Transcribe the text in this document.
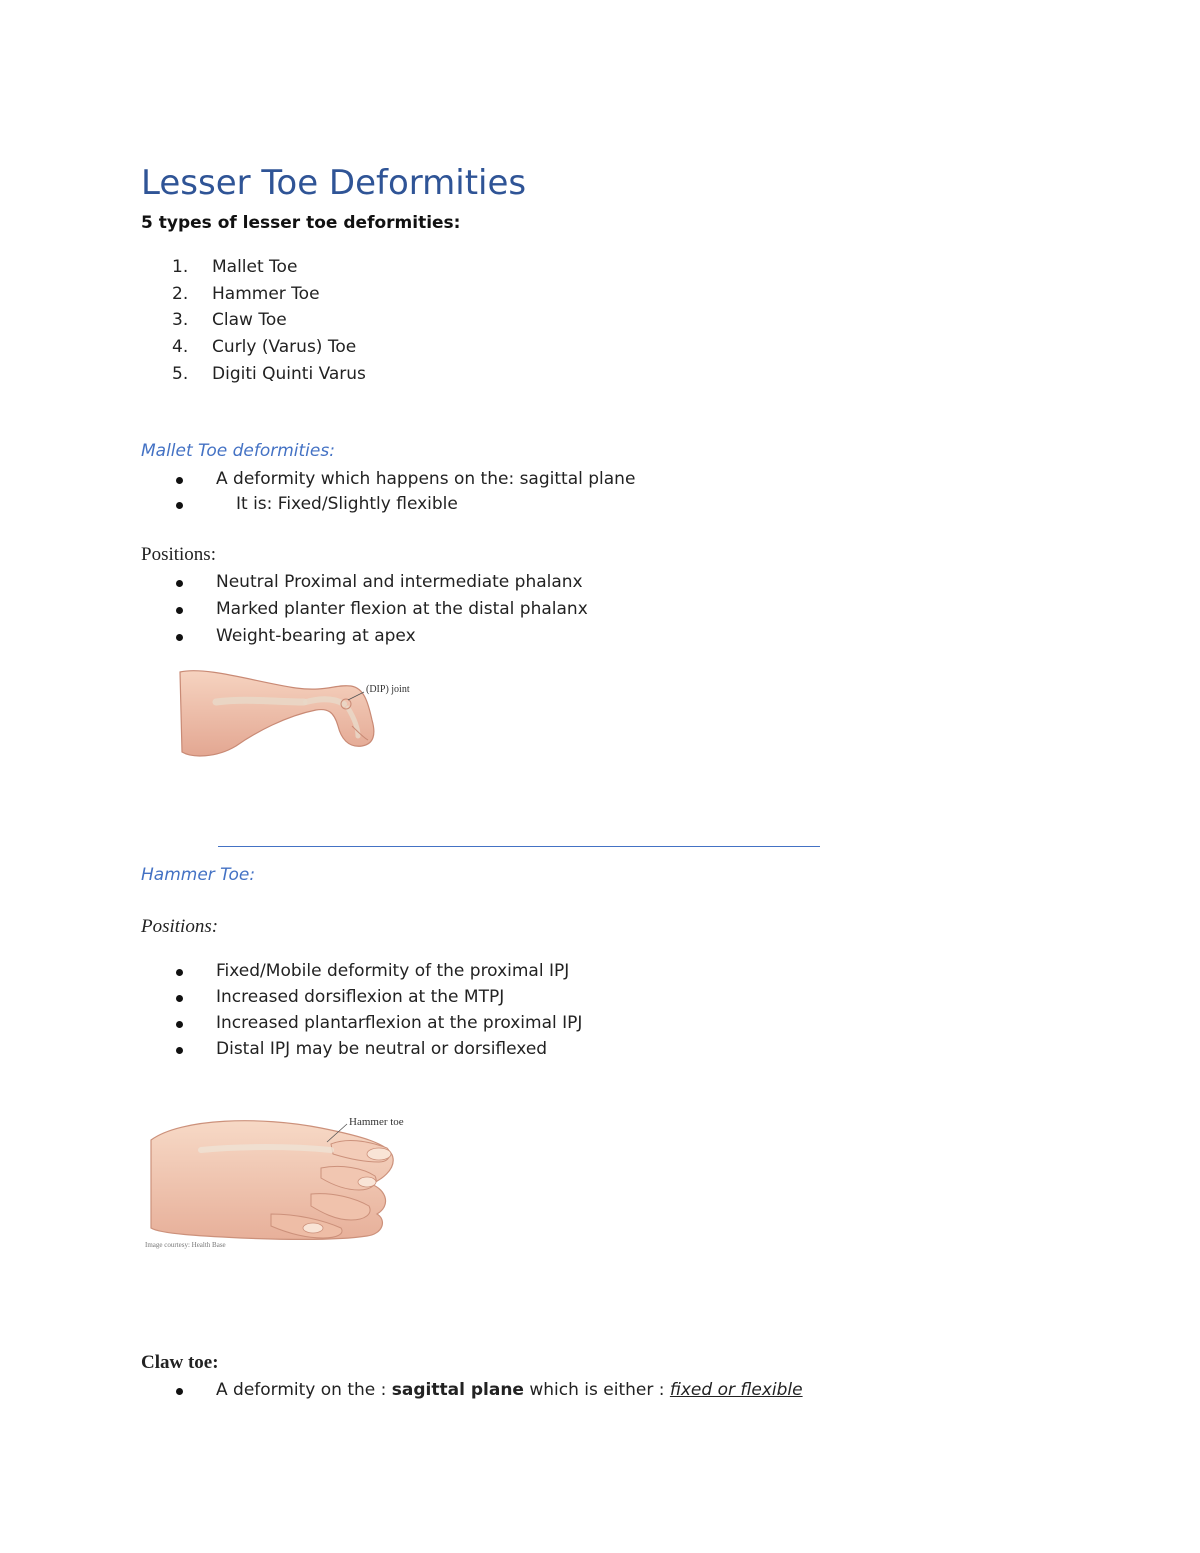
Lesser Toe Deformities
5 types of lesser toe deformities:
1. Mallet Toe
2. Hammer Toe
3. Claw Toe
4. Curly (Varus) Toe
5. Digiti Quinti Varus
Mallet Toe deformities:
A deformity which happens on the: sagittal plane
It is: Fixed/Slightly flexible
Positions:
Neutral Proximal and intermediate phalanx
Marked planter flexion at the distal phalanx
Weight-bearing at apex
(DIP) joint
Hammer Toe:
Positions:
Fixed/Mobile deformity of the proximal IPJ
Increased dorsiflexion at the MTPJ
Increased plantarflexion at the proximal IPJ
Distal IPJ may be neutral or dorsiflexed
Hammer toe
Image courtesy: Health Base
Claw toe:
A deformity on the : sagittal plane which is either : fixed or flexible
